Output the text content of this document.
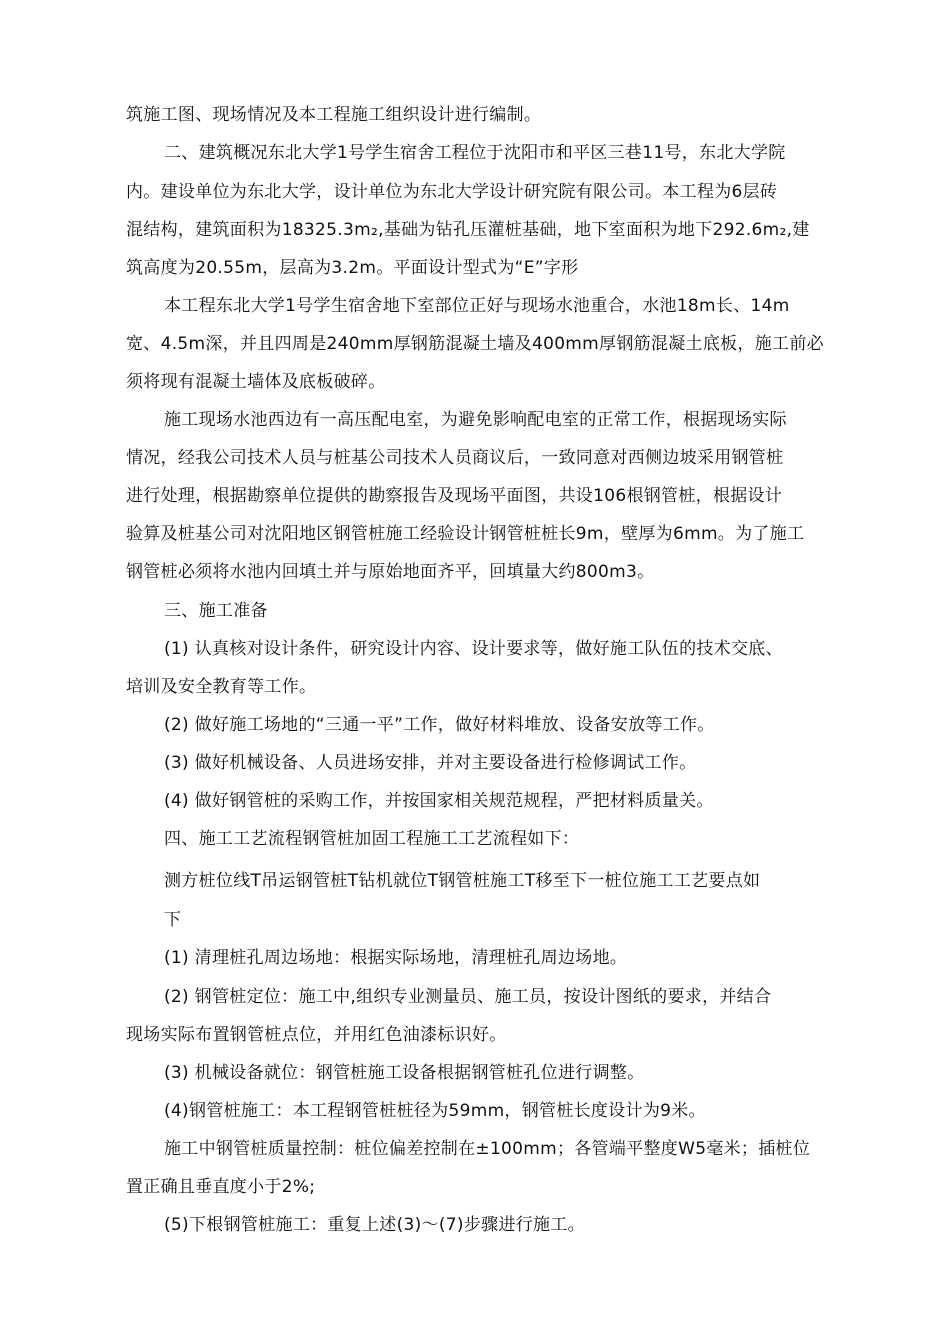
筑施工图、现场情况及本工程施工组织设计进行编制。
二、建筑概况东北大学1号学生宿舍工程位于沈阳市和平区三巷11号，东北大学院
内。建设单位为东北大学，设计单位为东北大学设计研究院有限公司。本工程为6层砖
混结构，建筑面积为18325.3m₂,基础为钻孔压灌桩基础，地下室面积为地下292.6m₂,建
筑高度为20.55m，层高为3.2m。平面设计型式为“E”字形
本工程东北大学1号学生宿舍地下室部位正好与现场水池重合，水池18m长、14m
宽、4.5m深，并且四周是240mm厚钢筋混凝土墙及400mm厚钢筋混凝土底板，施工前必
须将现有混凝土墙体及底板破碎。
施工现场水池西边有一高压配电室，为避免影响配电室的正常工作，根据现场实际
情况，经我公司技术人员与桩基公司技术人员商议后，一致同意对西侧边坡采用钢管桩
进行处理，根据勘察单位提供的勘察报告及现场平面图，共设106根钢管桩，根据设计
验算及桩基公司对沈阳地区钢管桩施工经验设计钢管桩桩长9m，壁厚为6mm。为了施工
钢管桩必须将水池内回填土并与原始地面齐平，回填量大约800m3。
三、施工准备
(1) 认真核对设计条件，研究设计内容、设计要求等，做好施工队伍的技术交底、
培训及安全教育等工作。
(2) 做好施工场地的“三通一平”工作，做好材料堆放、设备安放等工作。
(3) 做好机械设备、人员进场安排，并对主要设备进行检修调试工作。
(4) 做好钢管桩的采购工作，并按国家相关规范规程，严把材料质量关。
四、施工工艺流程钢管桩加固工程施工工艺流程如下：
测方桩位线T吊运钢管桩T钻机就位T钢管桩施工T移至下一桩位施工工艺要点如
下
(1) 清理桩孔周边场地：根据实际场地，清理桩孔周边场地。
(2) 钢管桩定位：施工中,组织专业测量员、施工员，按设计图纸的要求，并结合
现场实际布置钢管桩点位，并用红色油漆标识好。
(3) 机械设备就位：钢管桩施工设备根据钢管桩孔位进行调整。
(4)钢管桩施工：本工程钢管桩桩径为59mm，钢管桩长度设计为9米。
施工中钢管桩质量控制：桩位偏差控制在±100mm；各管端平整度W5毫米；插桩位
置正确且垂直度小于2%;
(5)下根钢管桩施工：重复上述(3)～(7)步骤进行施工。
